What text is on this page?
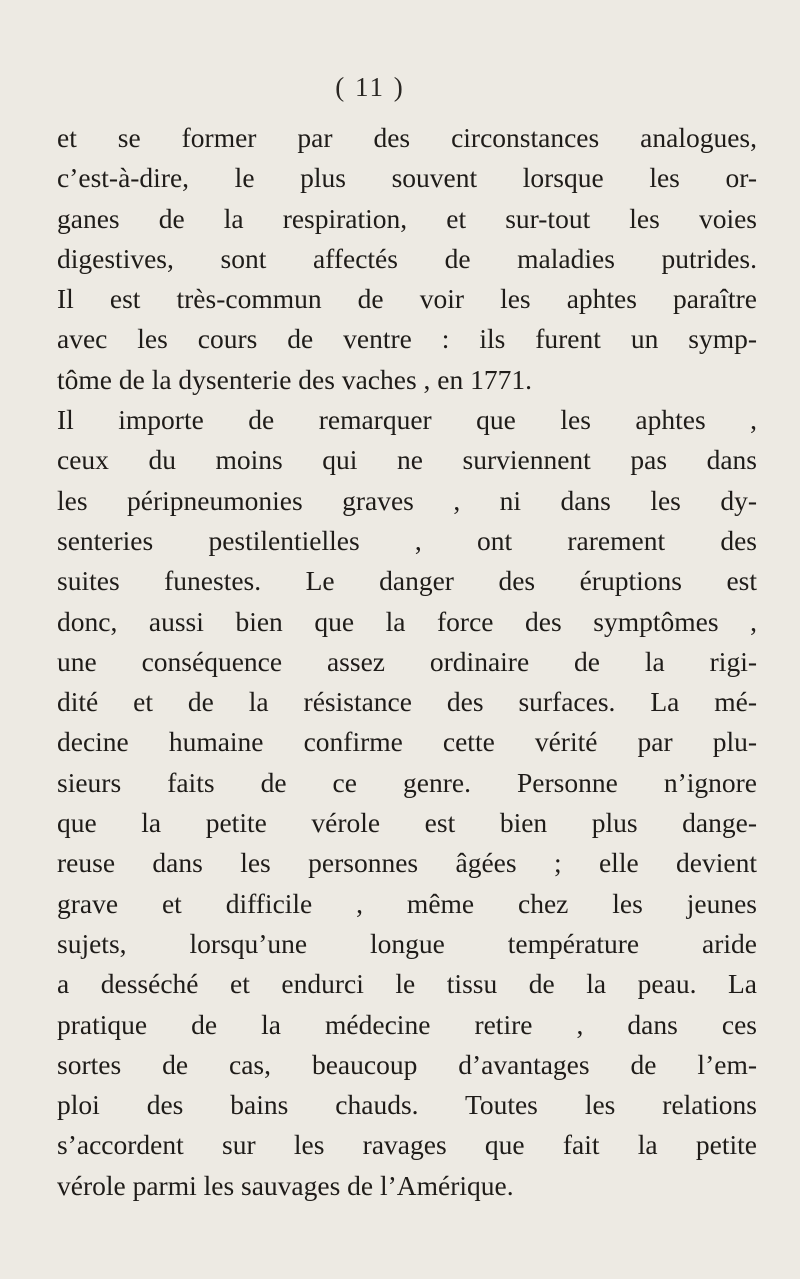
( 11 )
et se former par des circonstances analogues,
c’est-à-dire, le plus souvent lorsque les or-
ganes de la respiration, et sur-tout les voies
digestives, sont affectés de maladies putrides.
Il est très-commun de voir les aphtes paraître
avec les cours de ventre : ils furent un symp-
tôme de la dysenterie des vaches , en 1771.
Il importe de remarquer que les aphtes ,
ceux du moins qui ne surviennent pas dans
les péripneumonies graves , ni dans les dy-
senteries pestilentielles , ont rarement des
suites funestes. Le danger des éruptions est
donc, aussi bien que la force des symptômes ,
une conséquence assez ordinaire de la rigi-
dité et de la résistance des surfaces. La mé-
decine humaine confirme cette vérité par plu-
sieurs faits de ce genre. Personne n’ignore
que la petite vérole est bien plus dange-
reuse dans les personnes âgées ; elle devient
grave et difficile , même chez les jeunes
sujets, lorsqu’une longue température aride
a desséché et endurci le tissu de la peau. La
pratique de la médecine retire , dans ces
sortes de cas, beaucoup d’avantages de l’em-
ploi des bains chauds. Toutes les relations
s’accordent sur les ravages que fait la petite
vérole parmi les sauvages de l’Amérique.
